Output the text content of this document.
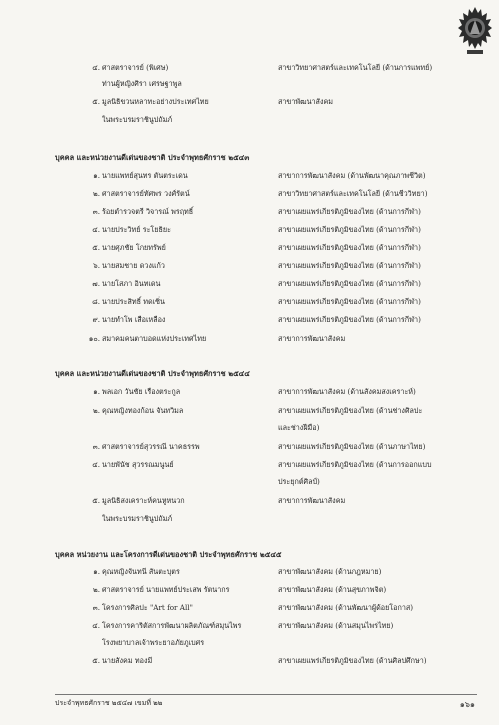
๔. ศาสตราจารย์ (พิเศษ)	สาขาวิทยาศาสตร์และเทคโนโลยี (ด้านการแพทย์)
ท่านผู้หญิงศิรา เศรษฐาพูล
๕. มูลนิธิขวนหลาทะอย่างประเทศไทย	สาขาพัฒนาสังคม
ในพระบรมราชินูปถัมภ์
บุคคล และหน่วยงานดีเด่นของชาติ ประจำพุทธศักราช ๒๕๔๓
๑. นายแพทย์สุนทร ตันตระเดน	สาขาการพัฒนาสังคม (ด้านพัฒนาคุณภาพชีวิต)
๒. ศาสตราจารย์ทัศพร วงศ์รัตน์	สาขาวิทยาศาสตร์และเทคโนโลยี (ด้านชีววิทยา)
๓. ร้อยตำรวจตรี วิจารณ์ พรฤทธิ์	สาขาเผยแพร่เกียรติภูมิของไทย (ด้านการกีฬา)
๔. นายประวิทย์ ระโยธิยะ	สาขาเผยแพร่เกียรติภูมิของไทย (ด้านการกีฬา)
๕. นายศุภชัย โกยทรัพย์	สาขาเผยแพร่เกียรติภูมิของไทย (ด้านการกีฬา)
๖. นายสมชาย ดวงแก้ว	สาขาเผยแพร่เกียรติภูมิของไทย (ด้านการกีฬา)
๗. นายโสภา อินทเดน	สาขาเผยแพร่เกียรติภูมิของไทย (ด้านการกีฬา)
๘. นายประสิทธิ์ ทดเซิ่น	สาขาเผยแพร่เกียรติภูมิของไทย (ด้านการกีฬา)
๙. นายทำโพ เสือเหลือง	สาขาเผยแพร่เกียรติภูมิของไทย (ด้านการกีฬา)
๑๐. สมาคมคนตาบอดแห่งประเทศไทย	สาขาการพัฒนาสังคม
บุคคล และหน่วยงานดีเด่นของชาติ ประจำพุทธศักราช ๒๕๔๔
๑. พลเอก วันชัย เรืองตระกูล	สาขาการพัฒนาสังคม (ด้านสังคมสงเคราะห์)
๒. คุณหญิงทองก้อน จันทวิมล	สาขาเผยแพร่เกียรติภูมิของไทย (ด้านช่างศิลปะ
และช่างฝีมือ)
๓. ศาสตราจารย์สุวรรณี นาคธรรพ	สาขาเผยแพร่เกียรติภูมิของไทย (ด้านภาษาไทย)
๔. นายพันัช สุวรรณมนูนย์	สาขาเผยแพร่เกียรติภูมิของไทย (ด้านการออกแบบ
ประยุกต์ศิลป์)
๕. มูลนิธิสงเคราะห์คนหูหนวก	สาขาการพัฒนาสังคม
ในพระบรมราชินูปถัมภ์
บุคคล หน่วยงาน และโครงการดีเด่นของชาติ ประจำพุทธศักราช ๒๕๔๕
๑. คุณหญิงจันทนี สันตะบุตร	สาขาพัฒนาสังคม (ด้านกฎหมาย)
๒. ศาสตราจารย์ นายแพทย์ประเสพ รัตนากร	สาขาพัฒนาสังคม (ด้านสุขภาพจิต)
๓. โครงการศิลปะ "Art for All"	สาขาพัฒนาสังคม (ด้านพัฒนาผู้ด้อยโอกาส)
๔. โครงการคาริตัสการพัฒนาผลิตภัณฑ์สมุนไพร	สาขาพัฒนาสังคม (ด้านสมุนไพรไทย)
โรงพยาบาลเจ้าพระยาอภัยภูเบศร
๕. นายสังคม ทองมี	สาขาเผยแพร่เกียรติภูมิของไทย (ด้านศิลปศึกษา)
ประจำพุทธศักราช ๒๕๔๗ เขมที่ ๒๒	๑๖๑
